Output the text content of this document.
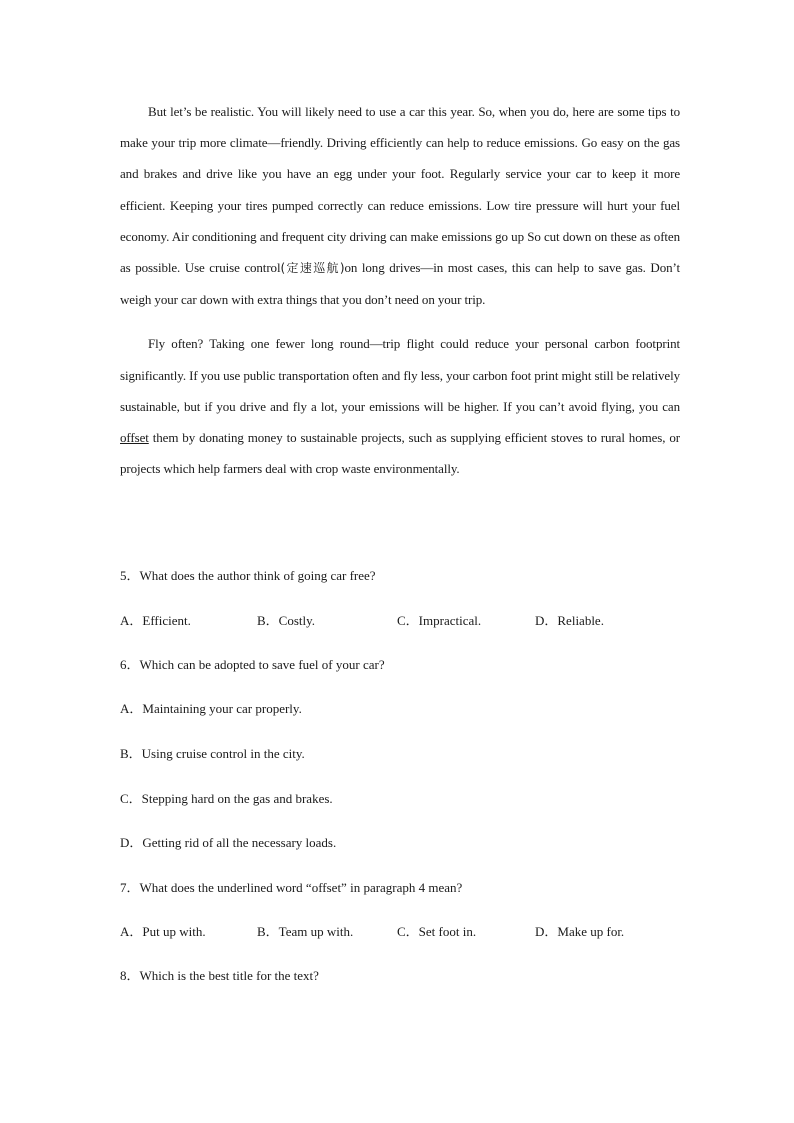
But let’s be realistic. You will likely need to use a car this year. So, when you do, here are some tips to make your trip more climate—friendly. Driving efficiently can help to reduce emissions. Go easy on the gas and brakes and drive like you have an egg under your foot. Regularly service your car to keep it more efficient. Keeping your tires pumped correctly can reduce emissions. Low tire pressure will hurt your fuel economy. Air conditioning and frequent city driving can make emissions go up So cut down on these as often as possible. Use cruise control(定速巡航)on long drives—in most cases, this can help to save gas. Don’t weigh your car down with extra things that you don’t need on your trip.

Fly often? Taking one fewer long round—trip flight could reduce your personal carbon footprint significantly. If you use public transportation often and fly less, your carbon foot print might still be relatively sustainable, but if you drive and fly a lot, your emissions will be higher. If you can’t avoid flying, you can offset them by donating money to sustainable projects, such as supplying efficient stoves to rural homes, or projects which help farmers deal with crop waste environmentally.

5．What does the author think of going car free?

A．Efficient.	B．Costly.	C．Impractical.	D．Reliable.

6．Which can be adopted to save fuel of your car?

A．Maintaining your car properly.

B．Using cruise control in the city.

C．Stepping hard on the gas and brakes.

D．Getting rid of all the necessary loads.

7．What does the underlined word “offset” in paragraph 4 mean?

A．Put up with.	B．Team up with.	C．Set foot in.	D．Make up for.

8．Which is the best title for the text?
